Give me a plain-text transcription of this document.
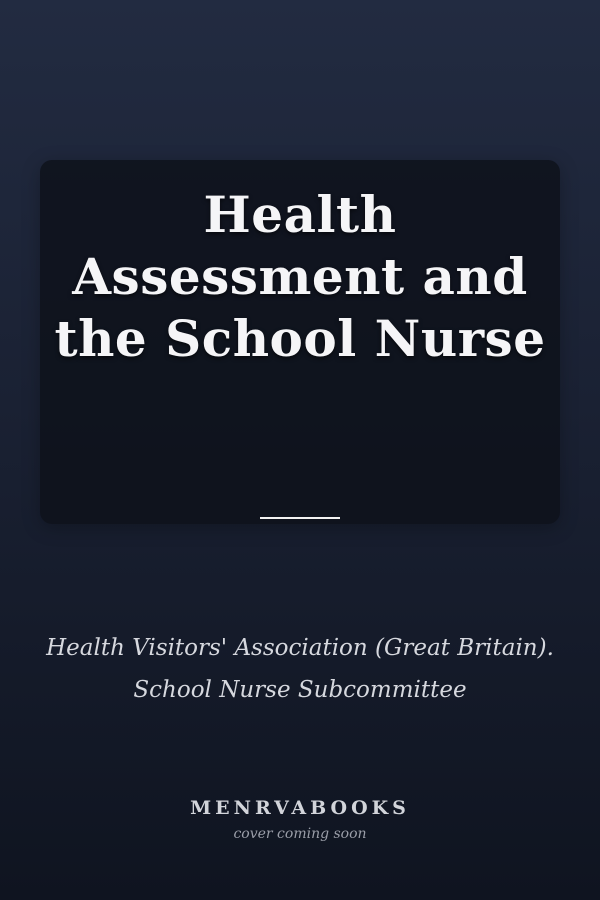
Health Assessment and the School Nurse
Health Visitors' Association (Great Britain). School Nurse Subcommittee
MENRVABOOKS
cover coming soon
